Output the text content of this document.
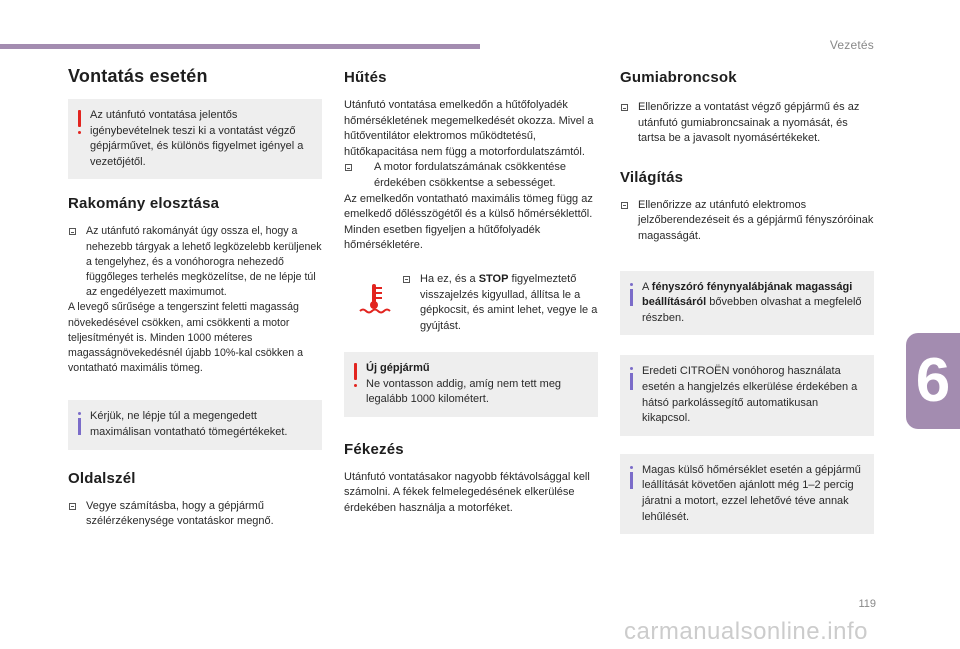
Vezetés
6
Vontatás esetén

Az utánfutó vontatása jelentős igénybevételnek teszi ki a vontatást végző gépjárművet, és különös figyelmet igényel a vezetőjétől.

Rakomány elosztása
Az utánfutó rakományát úgy ossza el, hogy a nehezebb tárgyak a lehető legközelebb kerüljenek a tengelyhez, és a vonóhorogra nehezedő függőleges terhelés megközelítse, de ne lépje túl az engedélyezett maximumot.

A levegő sűrűsége a tengerszint feletti magasság növekedésével csökken, ami csökkenti a motor teljesítményét is. Minden 1000 méteres magasságnövekedésnél újabb 10%-kal csökken a vontatható maximális tömeg.

Kérjük, ne lépje túl a megengedett maximálisan vontatható tömegértékeket.

Oldalszél
Vegye számításba, hogy a gépjármű szélérzékenysége vontatáskor megnő.
Hűtés

Utánfutó vontatása emelkedőn a hűtőfolyadék hőmérsékletének megemelkedését okozza. Mivel a hűtőventilátor elektromos működtetésű, hűtőkapacitása nem függ a motorfordulatszámtól.

A motor fordulatszámának csökkentése érdekében csökkentse a sebességet.

Az emelkedőn vontatható maximális tömeg függ az emelkedő dőlésszögétől és a külső hőmérséklettől. Minden esetben figyeljen a hűtőfolyadék hőmérsékletére.

Ha ez, és a STOP figyelmeztető visszajelzés kigyullad, állítsa le a gépkocsit, és amint lehet, vegye le a gyújtást.

Új gépjármű

Ne vontasson addig, amíg nem tett meg legalább 1000 kilométert.

Fékezés

Utánfutó vontatásakor nagyobb féktávolsággal kell számolni. A fékek felmelegedésének elkerülése érdekében használja a motorféket.

Gumiabroncsok
Ellenőrizze a vontatást végző gépjármű és az utánfutó gumiabroncsainak a nyomását, és tartsa be a javasolt nyomásértékeket.
Világítás
Ellenőrizze az utánfutó elektromos jelzőberendezéseit és a gépjármű fényszóróinak magasságát.

A fényszóró fénynyalábjának magassági beállításáról bővebben olvashat a megfelelő részben.

Eredeti CITROËN vonóhorog használata esetén a hangjelzés elkerülése érdekében a hátsó parkolássegítő automatikusan kikapcsol.

Magas külső hőmérséklet esetén a gépjármű leállítását követően ajánlott még 1–2 percig járatni a motort, ezzel lehetővé téve annak lehűlését.

119
carmanualsonline.info
